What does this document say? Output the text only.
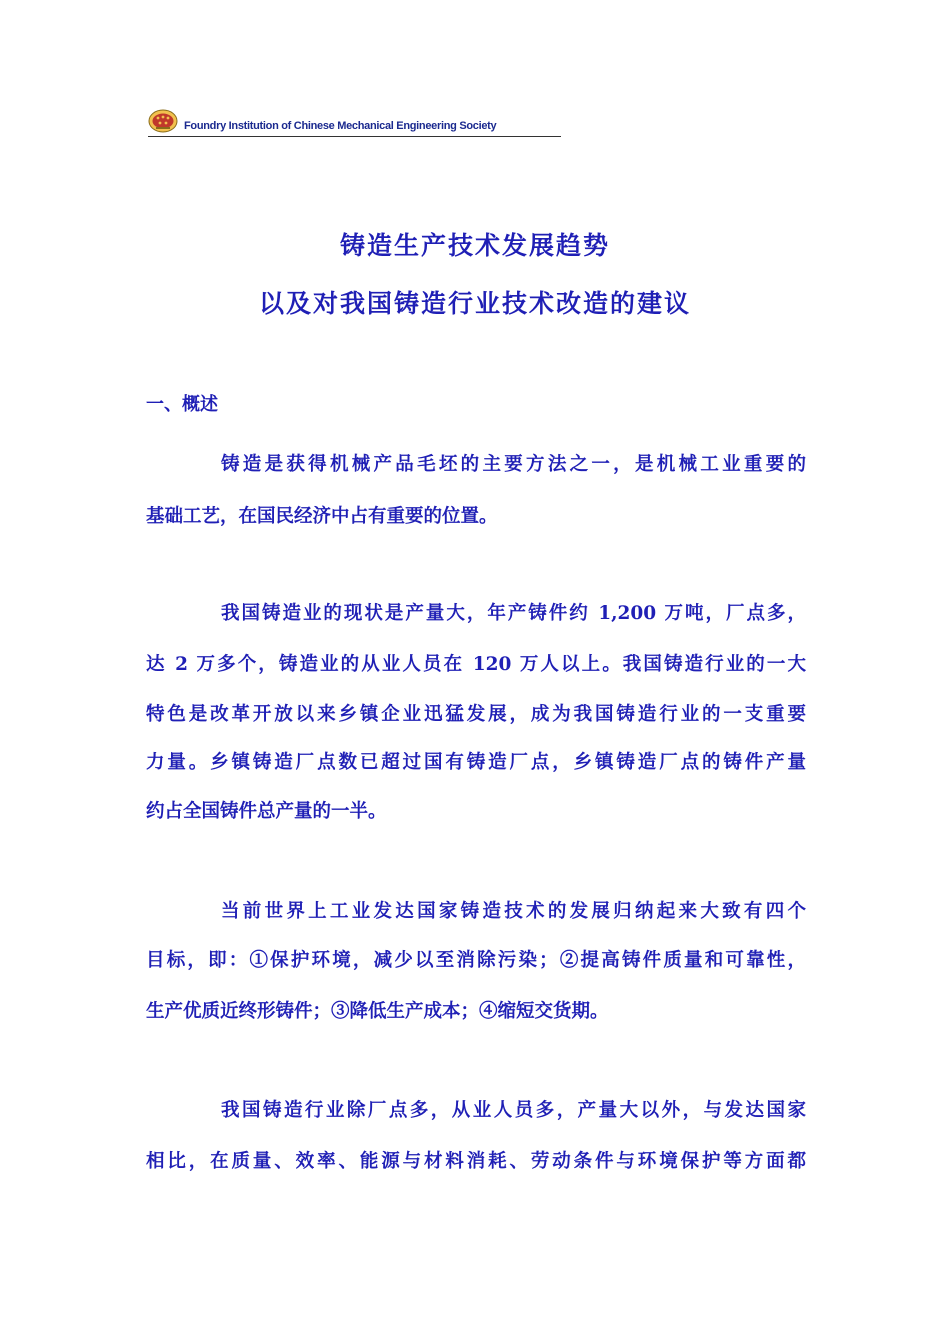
Foundry Institution of Chinese Mechanical Engineering Society
铸造生产技术发展趋势
以及对我国铸造行业技术改造的建议
一、概述
铸造是获得机械产品毛坯的主要方法之一，是机械工业重要的
基础工艺，在国民经济中占有重要的位置。
我国铸造业的现状是产量大，年产铸件约 1,200 万吨，厂点多，
达 2 万多个，铸造业的从业人员在 120 万人以上。我国铸造行业的一大
特色是改革开放以来乡镇企业迅猛发展，成为我国铸造行业的一支重要
力量。乡镇铸造厂点数已超过国有铸造厂点，乡镇铸造厂点的铸件产量
约占全国铸件总产量的一半。
当前世界上工业发达国家铸造技术的发展归纳起来大致有四个
目标，即：①保护环境，减少以至消除污染；②提高铸件质量和可靠性，
生产优质近终形铸件；③降低生产成本；④缩短交货期。
我国铸造行业除厂点多，从业人员多，产量大以外，与发达国家
相比，在质量、效率、能源与材料消耗、劳动条件与环境保护等方面都
